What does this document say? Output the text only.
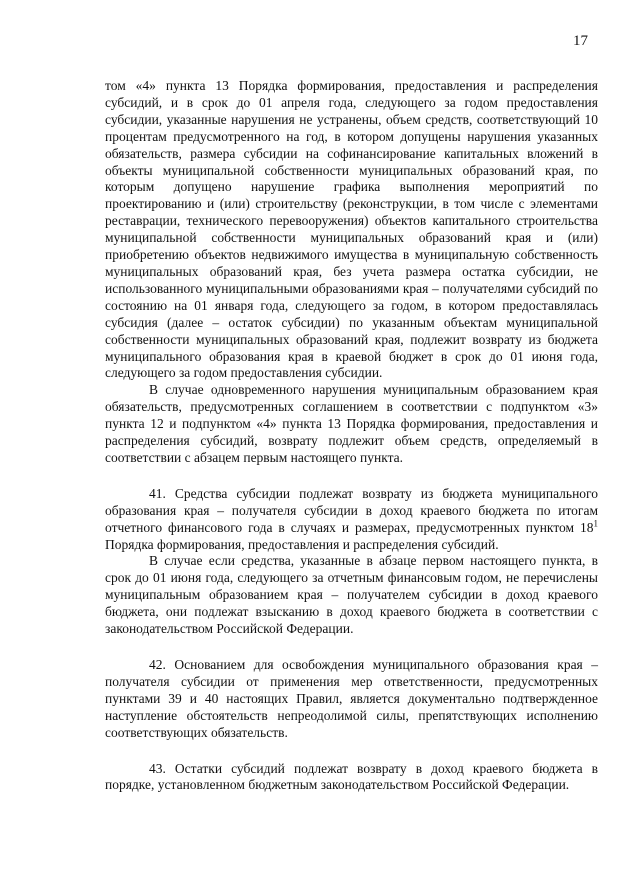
17

том «4» пункта 13 Порядка формирования, предоставления и распределения субсидий, и в срок до 01 апреля года, следующего за годом предоставления субсидии, указанные нарушения не устранены, объем средств, соответствующий 10 процентам предусмотренного на год, в котором допущены нарушения указанных обязательств, размера субсидии на софинансирование капитальных вложений в объекты муниципальной собственности муниципальных образований края, по которым допущено нарушение графика выполнения мероприятий по проектированию и (или) строительству (реконструкции, в том числе с элементами реставрации, технического перевооружения) объектов капитального строительства муниципальной собственности муниципальных образований края и (или) приобретению объектов недвижимого имущества в муниципальную собственность муниципальных образований края, без учета размера остатка субсидии, не использованного муниципальными образованиями края – получателями субсидий по состоянию на 01 января года, следующего за годом, в котором предоставлялась субсидия (далее – остаток субсидии) по указанным объектам муниципальной собственности муниципальных образований края, подлежит возврату из бюджета муниципального образования края в краевой бюджет в срок до 01 июня года, следующего за годом предоставления субсидии.

В случае одновременного нарушения муниципальным образованием края обязательств, предусмотренных соглашением в соответствии с подпунктом «3» пункта 12 и подпунктом «4» пункта 13 Порядка формирования, предоставления и распределения субсидий, возврату подлежит объем средств, определяемый в соответствии с абзацем первым настоящего пункта.

41. Средства субсидии подлежат возврату из бюджета муниципального образования края – получателя субсидии в доход краевого бюджета по итогам отчетного финансового года в случаях и размерах, предусмотренных пунктом $18^1$ Порядка формирования, предоставления и распределения субсидий.

В случае если средства, указанные в абзаце первом настоящего пункта, в срок до 01 июня года, следующего за отчетным финансовым годом, не перечислены муниципальным образованием края – получателем субсидии в доход краевого бюджета, они подлежат взысканию в доход краевого бюджета в соответствии с законодательством Российской Федерации.

42. Основанием для освобождения муниципального образования края – получателя субсидии от применения мер ответственности, предусмотренных пунктами 39 и 40 настоящих Правил, является документально подтвержденное наступление обстоятельств непреодолимой силы, препятствующих исполнению соответствующих обязательств.

43. Остатки субсидий подлежат возврату в доход краевого бюджета в порядке, установленном бюджетным законодательством Российской Федерации.
